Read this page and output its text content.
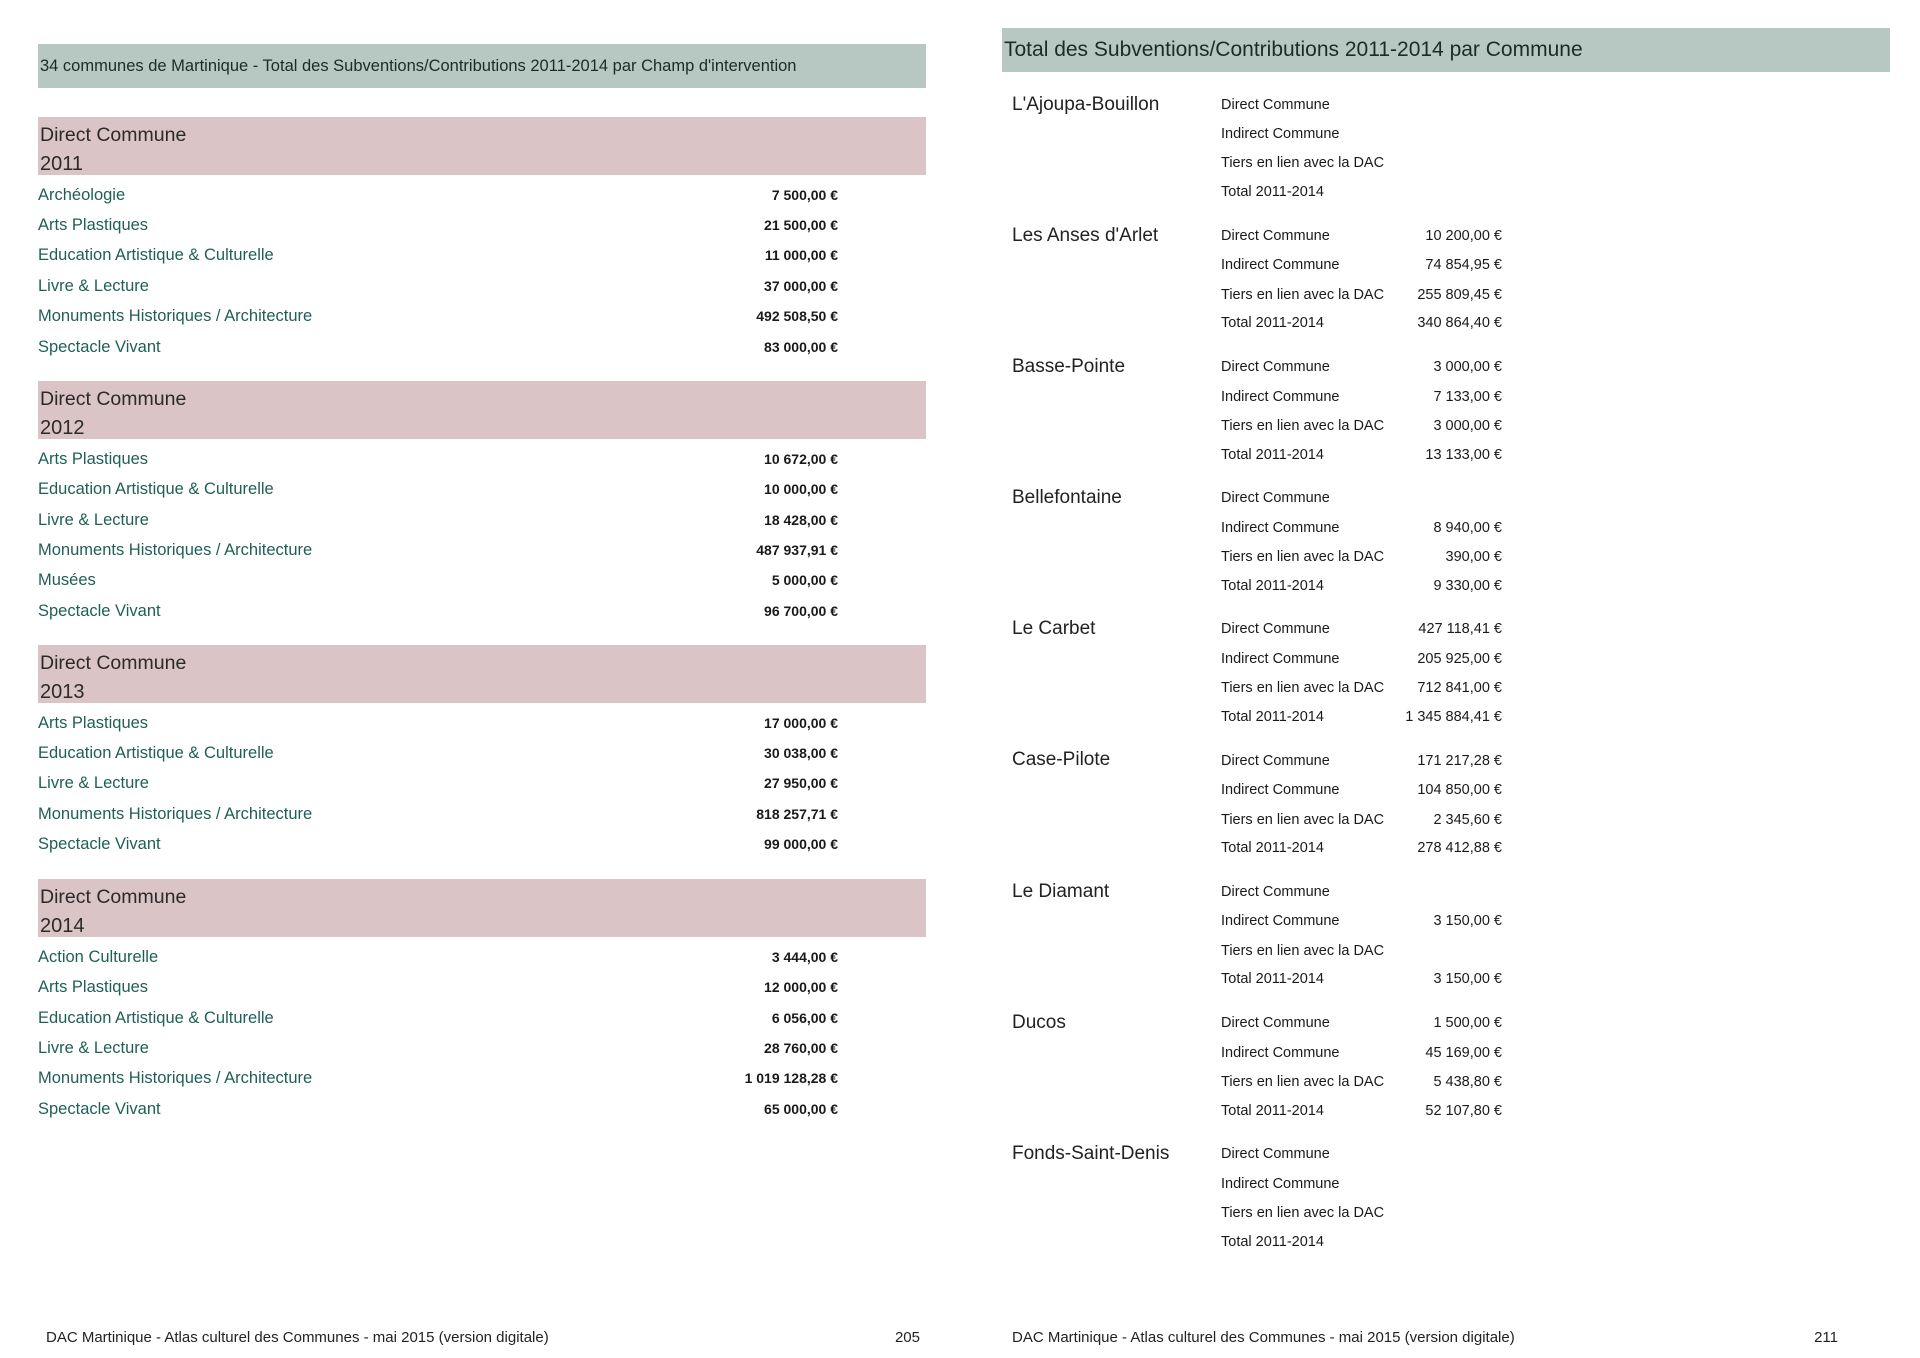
34 communes de Martinique - Total des Subventions/Contributions 2011-2014 par Champ d'intervention
Direct Commune
2011
Archéologie	7 500,00 €
Arts Plastiques	21 500,00 €
Education Artistique & Culturelle	11 000,00 €
Livre & Lecture	37 000,00 €
Monuments Historiques / Architecture	492 508,50 €
Spectacle Vivant	83 000,00 €
Direct Commune
2012
Arts Plastiques	10 672,00 €
Education Artistique & Culturelle	10 000,00 €
Livre & Lecture	18 428,00 €
Monuments Historiques / Architecture	487 937,91 €
Musées	5 000,00 €
Spectacle Vivant	96 700,00 €
Direct Commune
2013
Arts Plastiques	17 000,00 €
Education Artistique & Culturelle	30 038,00 €
Livre & Lecture	27 950,00 €
Monuments Historiques / Architecture	818 257,71 €
Spectacle Vivant	99 000,00 €
Direct Commune
2014
Action Culturelle	3 444,00 €
Arts Plastiques	12 000,00 €
Education Artistique & Culturelle	6 056,00 €
Livre & Lecture	28 760,00 €
Monuments Historiques / Architecture	1 019 128,28 €
Spectacle Vivant	65 000,00 €
DAC Martinique - Atlas culturel des Communes - mai 2015 (version digitale)	205
Total des Subventions/Contributions 2011-2014 par Commune
L'Ajoupa-Bouillon	Direct Commune
Indirect Commune
Tiers en lien avec la DAC
Total 2011-2014
Les Anses d'Arlet	Direct Commune	10 200,00 €
Indirect Commune	74 854,95 €
Tiers en lien avec la DAC	255 809,45 €
Total 2011-2014	340 864,40 €
Basse-Pointe	Direct Commune	3 000,00 €
Indirect Commune	7 133,00 €
Tiers en lien avec la DAC	3 000,00 €
Total 2011-2014	13 133,00 €
Bellefontaine	Direct Commune
Indirect Commune	8 940,00 €
Tiers en lien avec la DAC	390,00 €
Total 2011-2014	9 330,00 €
Le Carbet	Direct Commune	427 118,41 €
Indirect Commune	205 925,00 €
Tiers en lien avec la DAC	712 841,00 €
Total 2011-2014	1 345 884,41 €
Case-Pilote	Direct Commune	171 217,28 €
Indirect Commune	104 850,00 €
Tiers en lien avec la DAC	2 345,60 €
Total 2011-2014	278 412,88 €
Le Diamant	Direct Commune
Indirect Commune	3 150,00 €
Tiers en lien avec la DAC
Total 2011-2014	3 150,00 €
Ducos	Direct Commune	1 500,00 €
Indirect Commune	45 169,00 €
Tiers en lien avec la DAC	5 438,80 €
Total 2011-2014	52 107,80 €
Fonds-Saint-Denis	Direct Commune
Indirect Commune
Tiers en lien avec la DAC
Total 2011-2014
DAC Martinique - Atlas culturel des Communes - mai 2015 (version digitale)	211
